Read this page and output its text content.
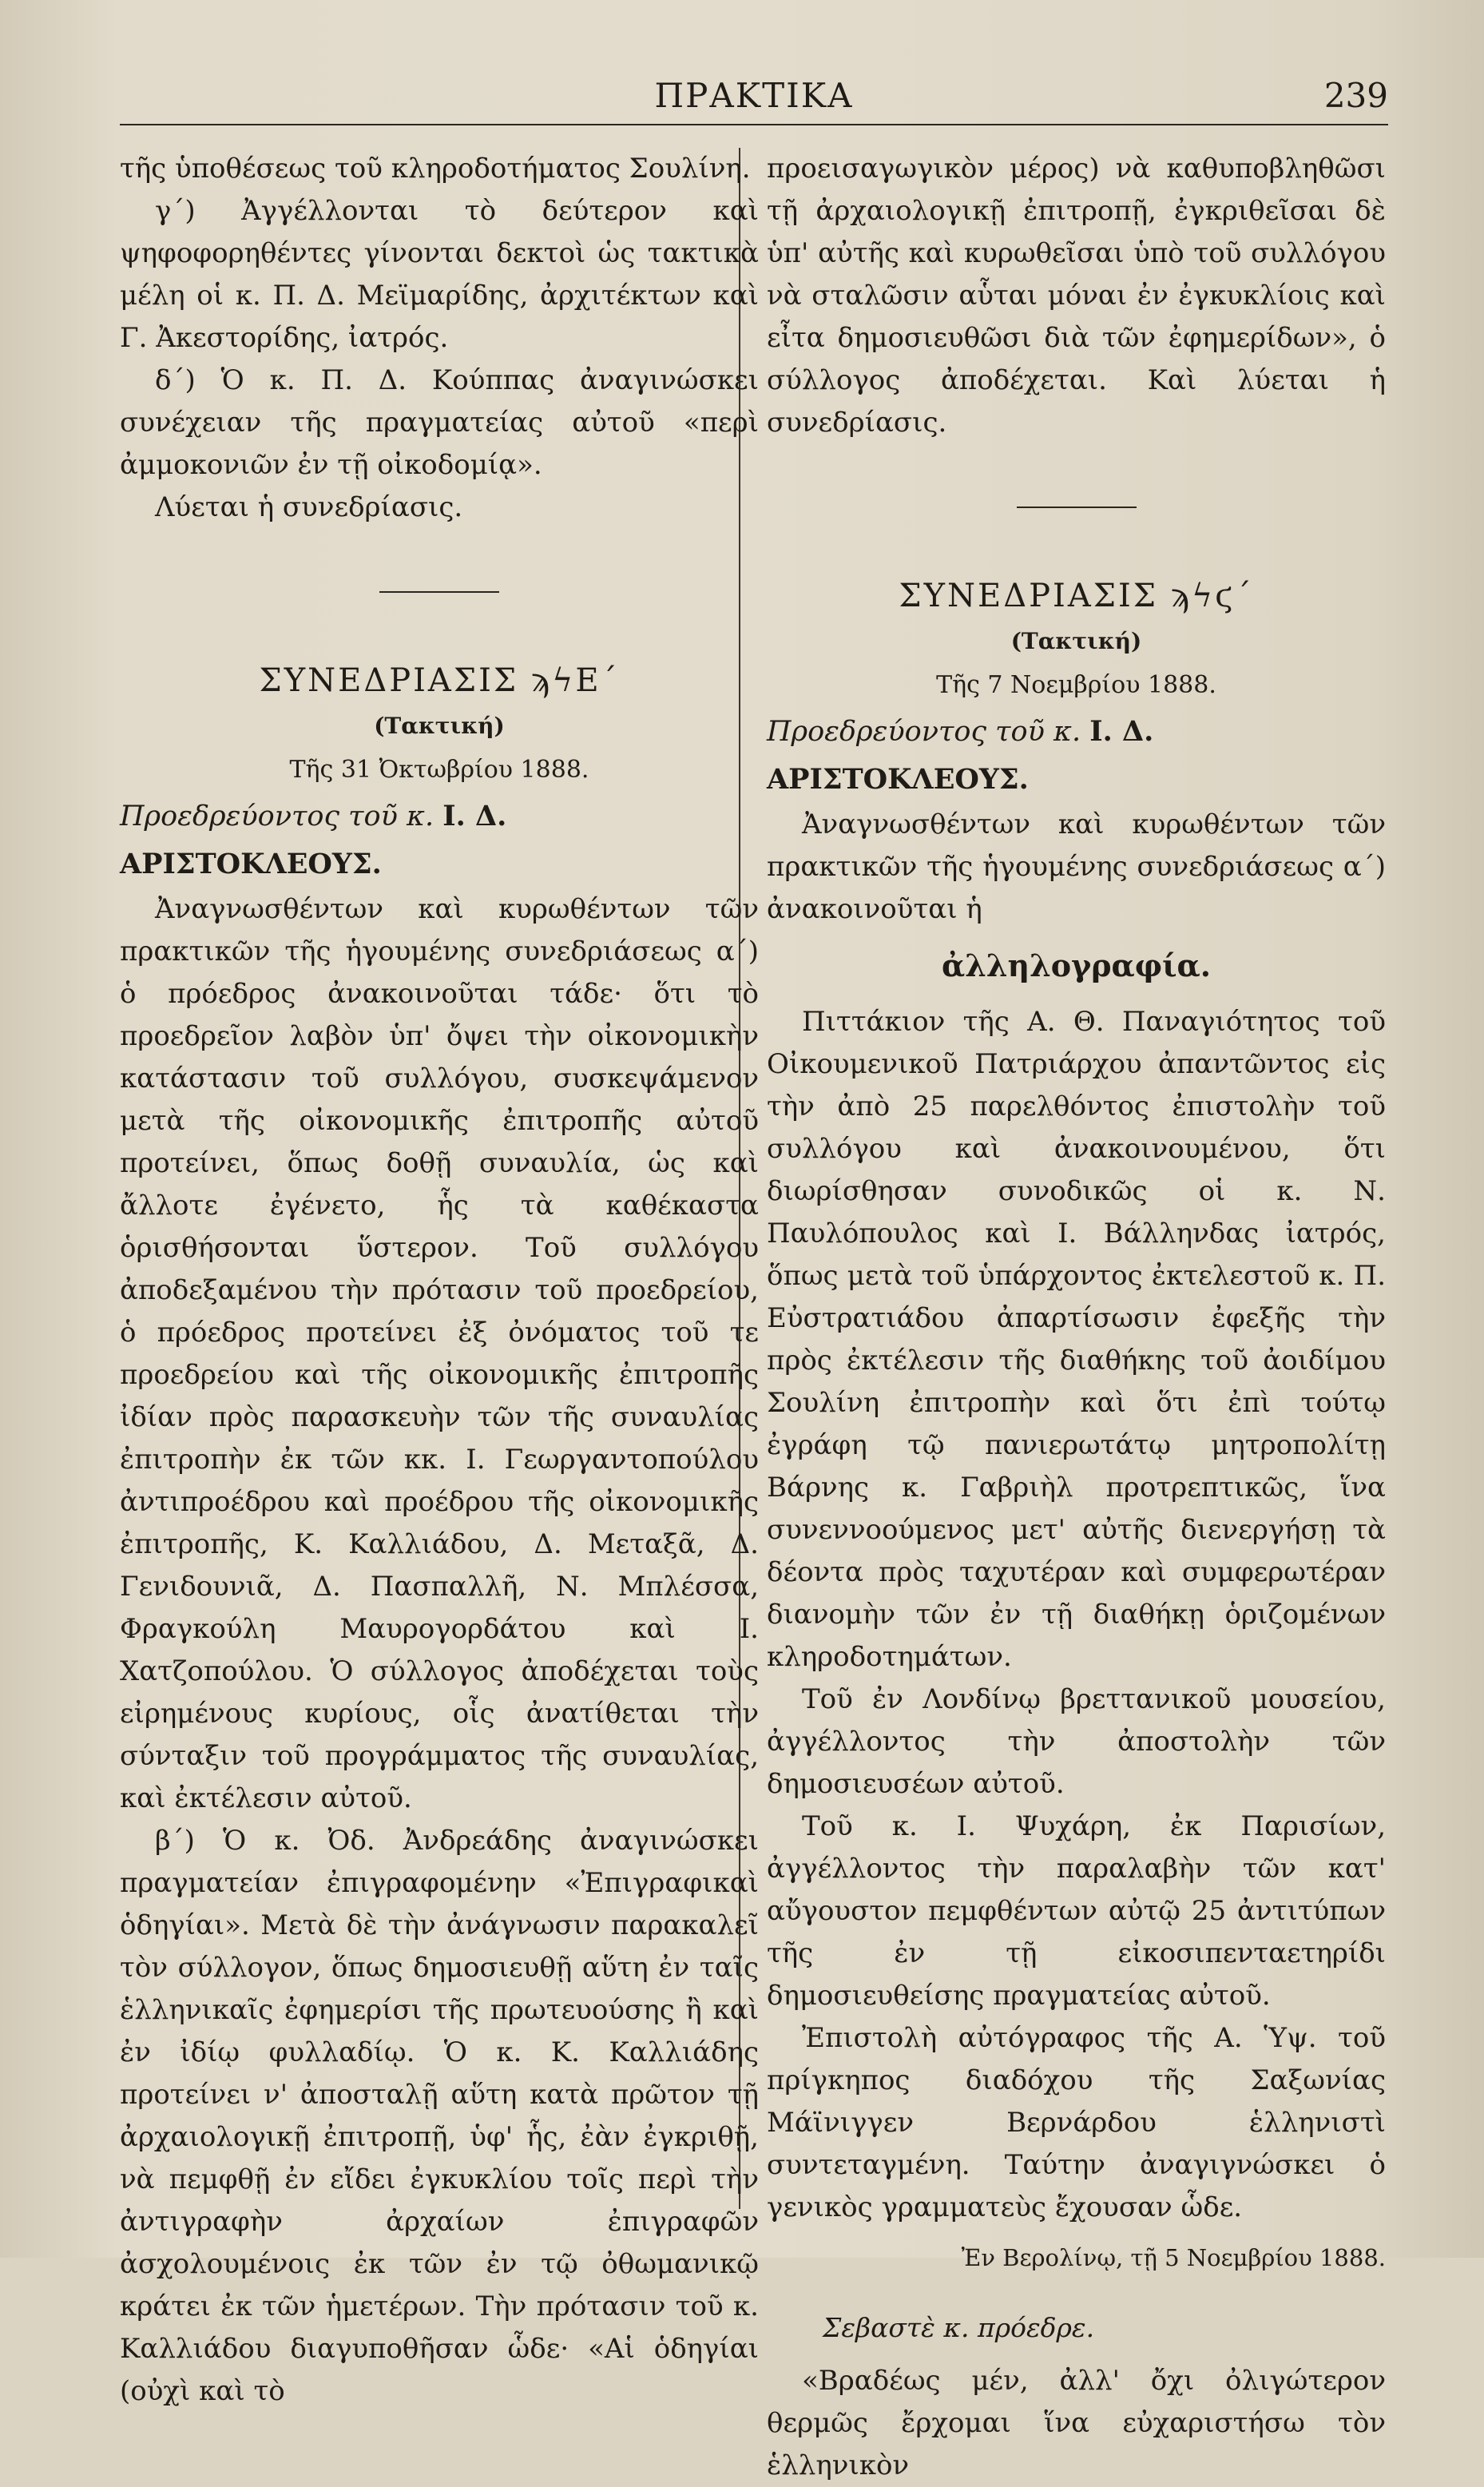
ΠΡΑΚΤΙΚΑ	239

τῆς ὑποθέσεως τοῦ κληροδοτήματος Σουλίνη.

γ΄) Ἀγγέλλονται τὸ δεύτερον καὶ ψηφοφορηθέντες γίνονται δεκτοὶ ὡς τακτικὰ μέλη οἱ κ. Π. Δ. Μεϊμαρίδης, ἀρχιτέκτων καὶ Γ. Ἀκεστορίδης, ἰατρός.

δ΄) Ὁ κ. Π. Δ. Κούππας ἀναγινώσκει συνέχειαν τῆς πραγματείας αὐτοῦ «περὶ ἀμμοκονιῶν ἐν τῇ οἰκοδομίᾳ».

Λύεται ἡ συνεδρίασις.

ΣΥΝΕΔΡΙΑΣΙΣ ϡϟΕ΄
(Τακτική)
Τῆς 31 Ὀκτωβρίου 1888.

Προεδρεύοντος τοῦ κ. Ι. Δ. ΑΡΙΣΤΟΚΛΕΟΥΣ.

Ἀναγνωσθέντων καὶ κυρωθέντων τῶν πρακτικῶν τῆς ἡγουμένης συνεδριάσεως α΄) ὁ πρόεδρος ἀνακοινοῦται τάδε· ὅτι τὸ προεδρεῖον λαβὸν ὑπ' ὄψει τὴν οἰκονομικὴν κατάστασιν τοῦ συλλόγου, συσκεψάμενον μετὰ τῆς οἰκονομικῆς ἐπιτροπῆς αὐτοῦ προτείνει, ὅπως δοθῇ συναυλία, ὡς καὶ ἄλλοτε ἐγένετο, ἧς τὰ καθέκαστα ὁρισθήσονται ὕστερον. Τοῦ συλλόγου ἀποδεξαμένου τὴν πρότασιν τοῦ προεδρείου, ὁ πρόεδρος προτείνει ἐξ ὀνόματος τοῦ τε προεδρείου καὶ τῆς οἰκονομικῆς ἐπιτροπῆς ἰδίαν πρὸς παρασκευὴν τῶν τῆς συναυλίας ἐπιτροπὴν ἐκ τῶν κκ. Ι. Γεωργαντοπούλου ἀντιπροέδρου καὶ προέδρου τῆς οἰκονομικῆς ἐπιτροπῆς, Κ. Καλλιάδου, Δ. Μεταξᾶ, Δ. Γενιδουνιᾶ, Δ. Πασπαλλῆ, Ν. Μπλέσσα, Φραγκούλη Μαυρογορδάτου καὶ Ι. Χατζοπούλου. Ὁ σύλλογος ἀποδέχεται τοὺς εἰρημένους κυρίους, οἷς ἀνατίθεται τὴν σύνταξιν τοῦ προγράμματος τῆς συναυλίας, καὶ ἐκτέλεσιν αὐτοῦ.

β΄) Ὁ κ. Ὀδ. Ἀνδρεάδης ἀναγινώσκει πραγματείαν ἐπιγραφομένην «Ἐπιγραφικαὶ ὁδηγίαι». Μετὰ δὲ τὴν ἀνάγνωσιν παρακαλεῖ τὸν σύλλογον, ὅπως δημοσιευθῇ αὕτη ἐν ταῖς ἑλληνικαῖς ἐφημερίσι τῆς πρωτευούσης ἢ καὶ ἐν ἰδίῳ φυλλαδίῳ. Ὁ κ. Κ. Καλλιάδης προτείνει ν' ἀποσταλῇ αὕτη κατὰ πρῶτον τῇ ἀρχαιολογικῇ ἐπιτροπῇ, ὑφ' ἧς, ἐὰν ἐγκριθῇ, νὰ πεμφθῇ ἐν εἴδει ἐγκυκλίου τοῖς περὶ τὴν ἀντιγραφὴν ἀρχαίων ἐπιγραφῶν ἀσχολουμένοις ἐκ τῶν ἐν τῷ ὀθωμανικῷ κράτει ἐκ τῶν ἡμετέρων. Τὴν πρότασιν τοῦ κ. Καλλιάδου διαγυποθῆσαν ὧδε· «Αἱ ὁδηγίαι (οὐχὶ καὶ τὸ

προεισαγωγικὸν μέρος) νὰ καθυποβληθῶσι τῇ ἀρχαιολογικῇ ἐπιτροπῇ, ἐγκριθεῖσαι δὲ ὑπ' αὐτῆς καὶ κυρωθεῖσαι ὑπὸ τοῦ συλλόγου νὰ σταλῶσιν αὗται μόναι ἐν ἐγκυκλίοις καὶ εἶτα δημοσιευθῶσι διὰ τῶν ἐφημερίδων», ὁ σύλλογος ἀποδέχεται. Καὶ λύεται ἡ συνεδρίασις.

ΣΥΝΕΔΡΙΑΣΙΣ ϡϟϛ΄
(Τακτική)
Τῆς 7 Νοεμβρίου 1888.

Προεδρεύοντος τοῦ κ. Ι. Δ. ΑΡΙΣΤΟΚΛΕΟΥΣ.

Ἀναγνωσθέντων καὶ κυρωθέντων τῶν πρακτικῶν τῆς ἡγουμένης συνεδριάσεως α΄) ἀνακοινοῦται ἡ

ἀλληλογραφία.

Πιττάκιον τῆς Α. Θ. Παναγιότητος τοῦ Οἰκουμενικοῦ Πατριάρχου ἀπαντῶντος εἰς τὴν ἀπὸ 25 παρελθόντος ἐπιστολὴν τοῦ συλλόγου καὶ ἀνακοινουμένου, ὅτι διωρίσθησαν συνοδικῶς οἱ κ. Ν. Παυλόπουλος καὶ Ι. Βάλληνδας ἰατρός, ὅπως μετὰ τοῦ ὑπάρχοντος ἐκτελεστοῦ κ. Π. Εὐστρατιάδου ἀπαρτίσωσιν ἐφεξῆς τὴν πρὸς ἐκτέλεσιν τῆς διαθήκης τοῦ ἀοιδίμου Σουλίνη ἐπιτροπὴν καὶ ὅτι ἐπὶ τούτῳ ἐγράφη τῷ πανιερωτάτῳ μητροπολίτῃ Βάρνης κ. Γαβριὴλ προτρεπτικῶς, ἵνα συνεννοούμενος μετ' αὐτῆς διενεργήσῃ τὰ δέοντα πρὸς ταχυτέραν καὶ συμφερωτέραν διανομὴν τῶν ἐν τῇ διαθήκῃ ὁριζομένων κληροδοτημάτων.

Τοῦ ἐν Λονδίνῳ βρεττανικοῦ μουσείου, ἀγγέλλοντος τὴν ἀποστολὴν τῶν δημοσιευσέων αὐτοῦ.

Τοῦ κ. Ι. Ψυχάρη, ἐκ Παρισίων, ἀγγέλλοντος τὴν παραλαβὴν τῶν κατ' αὔγουστον πεμφθέντων αὐτῷ 25 ἀντιτύπων τῆς ἐν τῇ εἰκοσιπενταετηρίδι δημοσιευθείσης πραγματείας αὐτοῦ.

Ἐπιστολὴ αὐτόγραφος τῆς Α. Ὑψ. τοῦ πρίγκηπος διαδόχου τῆς Σαξωνίας Μάϊνιγγεν Βερνάρδου ἑλληνιστὶ συντεταγμένη. Ταύτην ἀναγιγνώσκει ὁ γενικὸς γραμματεὺς ἔχουσαν ὧδε.

Ἐν Βερολίνῳ, τῇ 5 Νοεμβρίου 1888.
Σεβαστὲ κ. πρόεδρε.

«Βραδέως μέν, ἀλλ' ὄχι ὀλιγώτερον θερμῶς ἔρχομαι ἵνα εὐχαριστήσω τὸν ἑλληνικὸν
